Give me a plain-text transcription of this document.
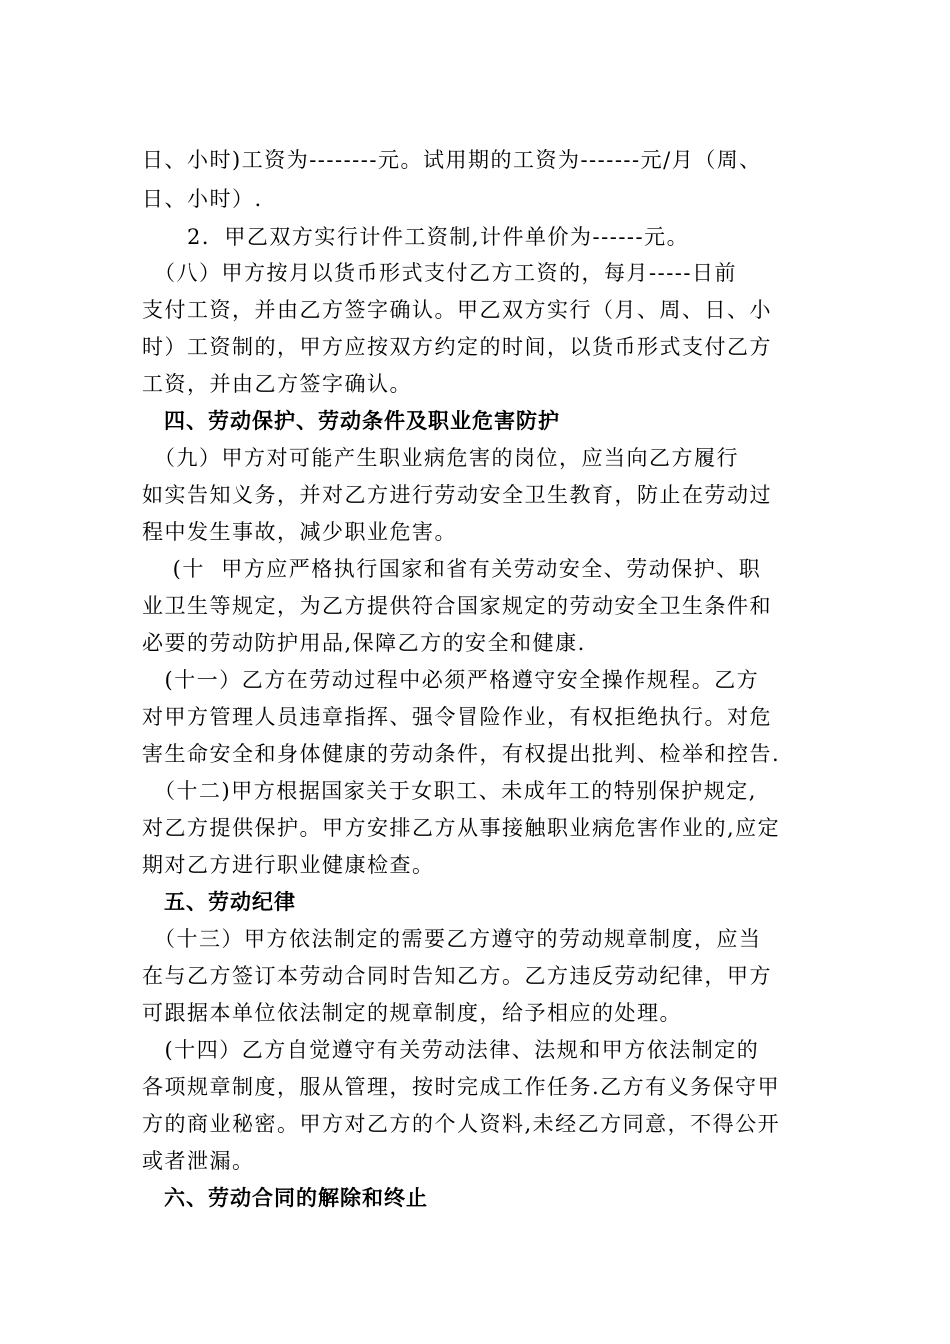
日、小时)工资为--------元。试用期的工资为-------元/月（周、
日、小时）.
　　2．甲乙双方实行计件工资制,计件单价为------元。
　（八）甲方按月以货币形式支付乙方工资的，每月-----日前
支付工资，并由乙方签字确认。甲乙双方实行（月、周、日、小
时）工资制的，甲方应按双方约定的时间，以货币形式支付乙方
工资，并由乙方签字确认。
　四、劳动保护、劳动条件及职业危害防护
　（九）甲方对可能产生职业病危害的岗位，应当向乙方履行
如实告知义务，并对乙方进行劳动安全卫生教育，防止在劳动过
程中发生事故，减少职业危害。
　 (十  甲方应严格执行国家和省有关劳动安全、劳动保护、职
业卫生等规定，为乙方提供符合国家规定的劳动安全卫生条件和
必要的劳动防护用品,保障乙方的安全和健康.
　(十一）乙方在劳动过程中必须严格遵守安全操作规程。乙方
对甲方管理人员违章指挥、强令冒险作业，有权拒绝执行。对危
害生命安全和身体健康的劳动条件，有权提出批判、检举和控告.
　（十二)甲方根据国家关于女职工、未成年工的特别保护规定,
对乙方提供保护。甲方安排乙方从事接触职业病危害作业的,应定
期对乙方进行职业健康检查。
　五、劳动纪律
　（十三）甲方依法制定的需要乙方遵守的劳动规章制度，应当
在与乙方签订本劳动合同时告知乙方。乙方违反劳动纪律，甲方
可跟据本单位依法制定的规章制度，给予相应的处理。
　(十四）乙方自觉遵守有关劳动法律、法规和甲方依法制定的
各项规章制度，服从管理，按时完成工作任务.乙方有义务保守甲
方的商业秘密。甲方对乙方的个人资料,未经乙方同意，不得公开
或者泄漏。
　六、劳动合同的解除和终止
